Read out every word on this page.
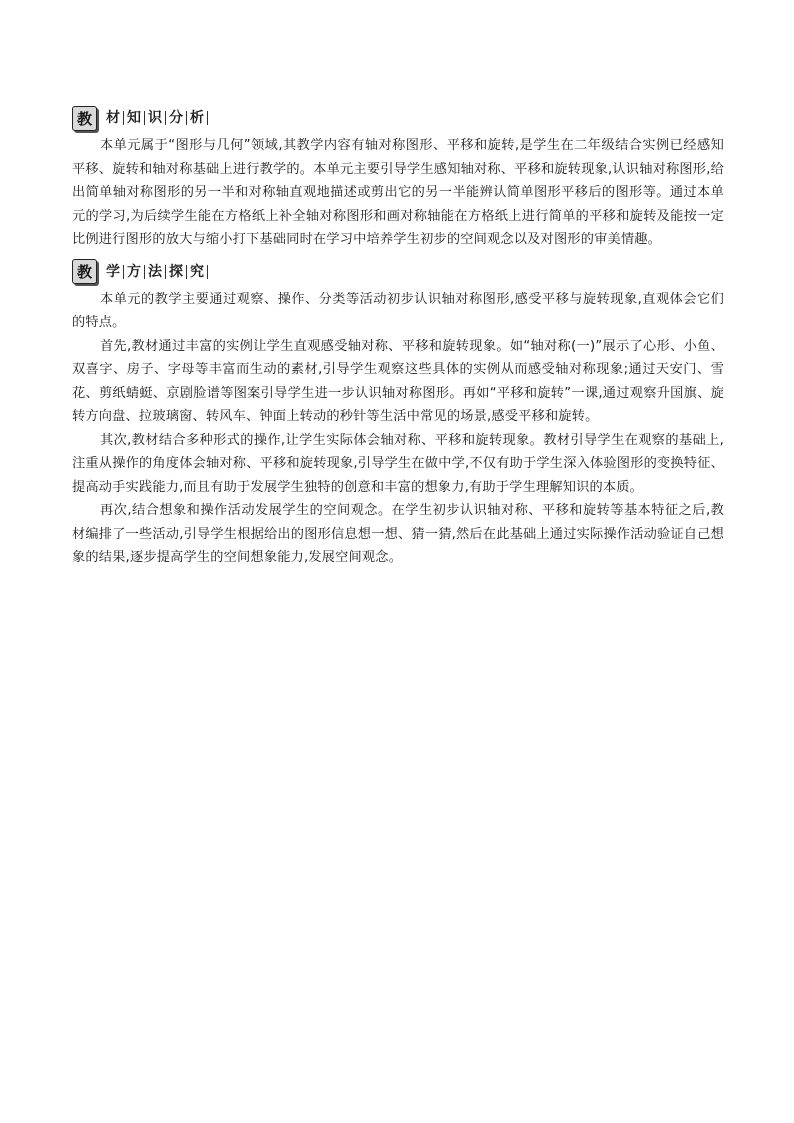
教	材 知 识 分 析

本单元属于“图形与几何”领域,其教学内容有轴对称图形、平移和旋转,是学生在二年级结合实例已经感知平移、旋转和轴对称基础上进行教学的。本单元主要引导学生感知轴对称、平移和旋转现象,认识轴对称图形,给出简单轴对称图形的另一半和对称轴直观地描述或剪出它的另一半能辨认简单图形平移后的图形等。通过本单元的学习,为后续学生能在方格纸上补全轴对称图形和画对称轴能在方格纸上进行简单的平移和旋转及能按一定比例进行图形的放大与缩小打下基础同时在学习中培养学生初步的空间观念以及对图形的审美情趣。

教	学 方 法 探 究

本单元的教学主要通过观察、操作、分类等活动初步认识轴对称图形,感受平移与旋转现象,直观体会它们的特点。

首先,教材通过丰富的实例让学生直观感受轴对称、平移和旋转现象。如“轴对称(一)”展示了心形、小鱼、双喜字、房子、字母等丰富而生动的素材,引导学生观察这些具体的实例从而感受轴对称现象;通过天安门、雪花、剪纸蜻蜓、京剧脸谱等图案引导学生进一步认识轴对称图形。再如“平移和旋转”一课,通过观察升国旗、旋转方向盘、拉玻璃窗、转风车、钟面上转动的秒针等生活中常见的场景,感受平移和旋转。

其次,教材结合多种形式的操作,让学生实际体会轴对称、平移和旋转现象。教材引导学生在观察的基础上,注重从操作的角度体会轴对称、平移和旋转现象,引导学生在做中学,不仅有助于学生深入体验图形的变换特征、提高动手实践能力,而且有助于发展学生独特的创意和丰富的想象力,有助于学生理解知识的本质。

再次,结合想象和操作活动发展学生的空间观念。在学生初步认识轴对称、平移和旋转等基本特征之后,教材编排了一些活动,引导学生根据给出的图形信息想一想、猜一猜,然后在此基础上通过实际操作活动验证自己想象的结果,逐步提高学生的空间想象能力,发展空间观念。
